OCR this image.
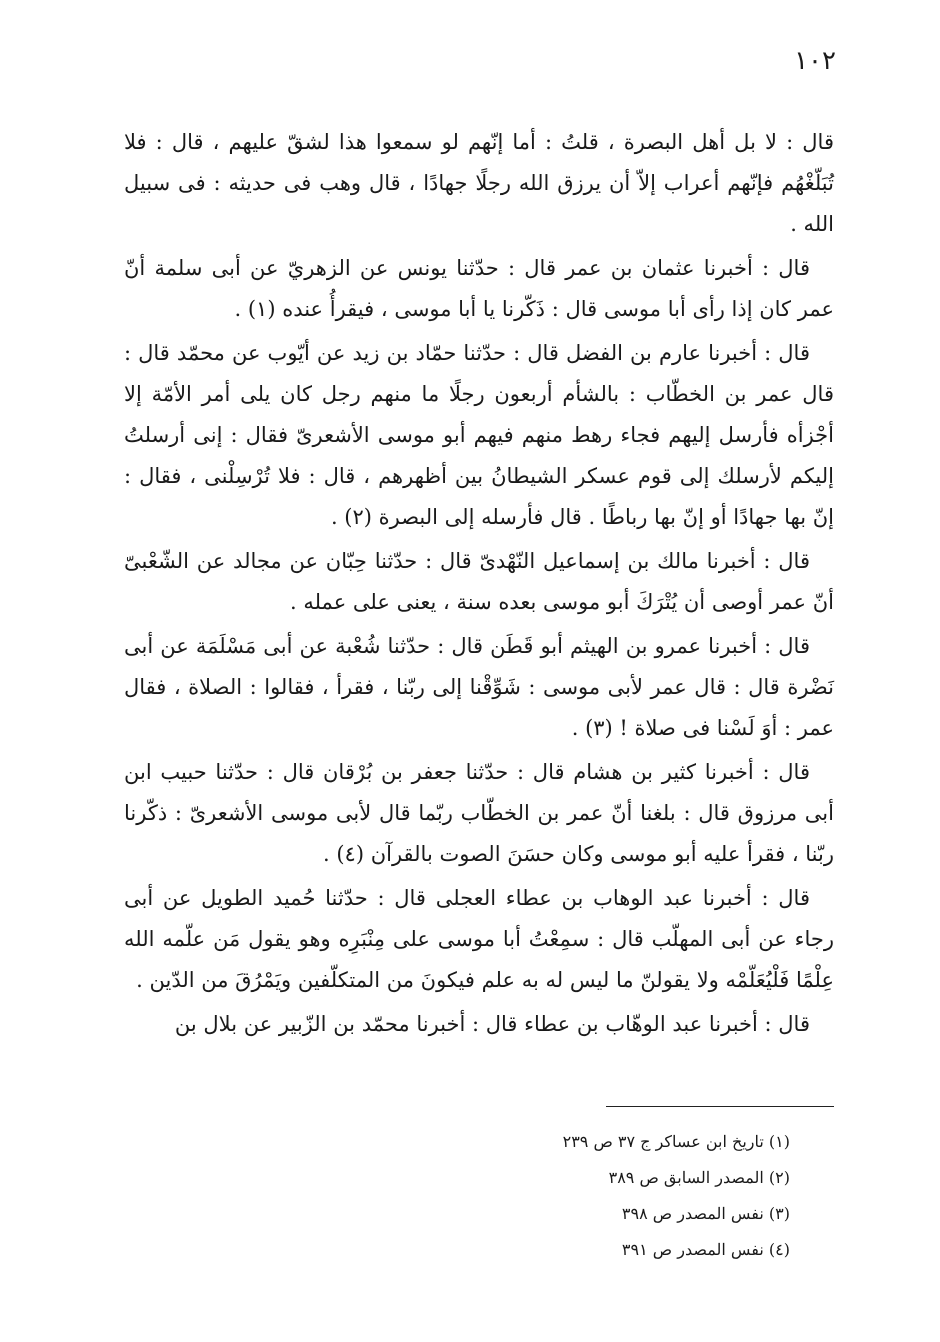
١٠٢

قال : لا بل أهل البصرة ، قلتُ : أما إنّهم لو سمعوا هذا لشقّ عليهم ، قال : فلا تُبَلّغْهُم فإنّهم أعراب إلاّ أن يرزق الله رجلًا جهادًا ، قال وهب فى حديثه : فى سبيل الله .

قال : أخبرنا عثمان بن عمر قال : حدّثنا يونس عن الزهريّ عن أبى سلمة أنّ عمر كان إذا رأى أبا موسى قال : ذَكّرنا يا أبا موسى ، فيقرأُ عنده (١) .

قال : أخبرنا عارم بن الفضل قال : حدّثنا حمّاد بن زيد عن أيّوب عن محمّد قال : قال عمر بن الخطّاب : بالشأم أربعون رجلًا ما منهم رجل كان يلى أمر الأمّة إلا أجْزأه فأرسل إليهم فجاء رهط منهم فيهم أبو موسى الأشعرىّ فقال : إنى أرسلتُ إليكم لأرسلك إلى قوم عسكر الشيطانُ بين أظهرهم ، قال : فلا تُرْسِلْنى ، فقال : إنّ بها جهادًا أو إنّ بها رباطًا . قال فأرسله إلى البصرة (٢) .

قال : أخبرنا مالك بن إسماعيل النّهْدىّ قال : حدّثنا حِبّان عن مجالد عن الشّعْبىّ أنّ عمر أوصى أن يُتْرَكَ أبو موسى بعده سنة ، يعنى على عمله .

قال : أخبرنا عمرو بن الهيثم أبو قَطَن قال : حدّثنا شُعْبة عن أبى مَسْلَمَة عن أبى نَضْرة قال : قال عمر لأبى موسى : شَوِّقْنا إلى ربّنا ، فقرأ ، فقالوا : الصلاة ، فقال عمر : أوَ لَسْنا فى صلاة ! (٣) .

قال : أخبرنا كثير بن هشام قال : حدّثنا جعفر بن بُرْقان قال : حدّثنا حبيب ابن أبى مرزوق قال : بلغنا أنّ عمر بن الخطّاب ربّما قال لأبى موسى الأشعرىّ : ذكّرنا ربّنا ، فقرأ عليه أبو موسى وكان حسَنَ الصوت بالقرآن (٤) .

قال : أخبرنا عبد الوهاب بن عطاء العجلى قال : حدّثنا حُميد الطويل عن أبى رجاء عن أبى المهلّب قال : سمِعْتُ أبا موسى على مِنْبَرِه وهو يقول مَن علّمه الله عِلْمًا فَلْيُعَلّمْه ولا يقولنّ ما ليس له به علم فيكونَ من المتكلّفين ويَمْرُقَ من الدّين .

قال : أخبرنا عبد الوهّاب بن عطاء قال : أخبرنا محمّد بن الزّبير عن بلال بن

(١) تاريخ ابن عساكر ج ٣٧ ص ٢٣٩

(٢) المصدر السابق ص ٣٨٩

(٣) نفس المصدر ص ٣٩٨

(٤) نفس المصدر ص ٣٩١
